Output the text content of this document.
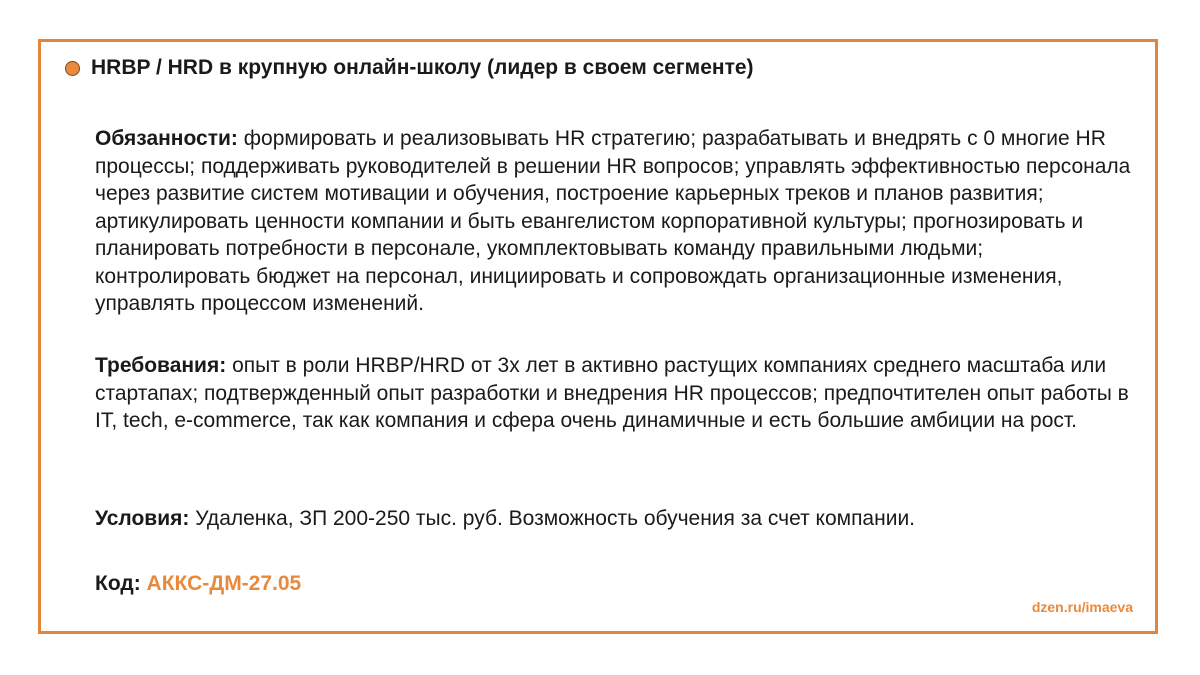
HRBP / HRD в крупную онлайн-школу (лидер в своем сегменте)

Обязанности: формировать и реализовывать HR стратегию; разрабатывать и внедрять с 0 многие HR процессы; поддерживать руководителей в решении HR вопросов; управлять эффективностью персонала через развитие систем мотивации и обучения, построение карьерных треков и планов развития; артикулировать ценности компании и быть евангелистом корпоративной культуры; прогнозировать и планировать потребности в персонале, укомплектовывать команду правильными людьми; контролировать бюджет на персонал, инициировать и сопровождать организационные изменения, управлять процессом изменений.

Требования: опыт в роли HRBP/HRD от 3х лет в активно растущих компаниях среднего масштаба или стартапах; подтвержденный опыт разработки и внедрения HR процессов; предпочтителен опыт работы в IT, tech, e-commerce, так как компания и сфера очень динамичные и есть большие амбиции на рост.

Условия: Удаленка, ЗП 200-250 тыс. руб. Возможность обучения за счет компании.

Код: АККС-ДМ-27.05

dzen.ru/imaeva
